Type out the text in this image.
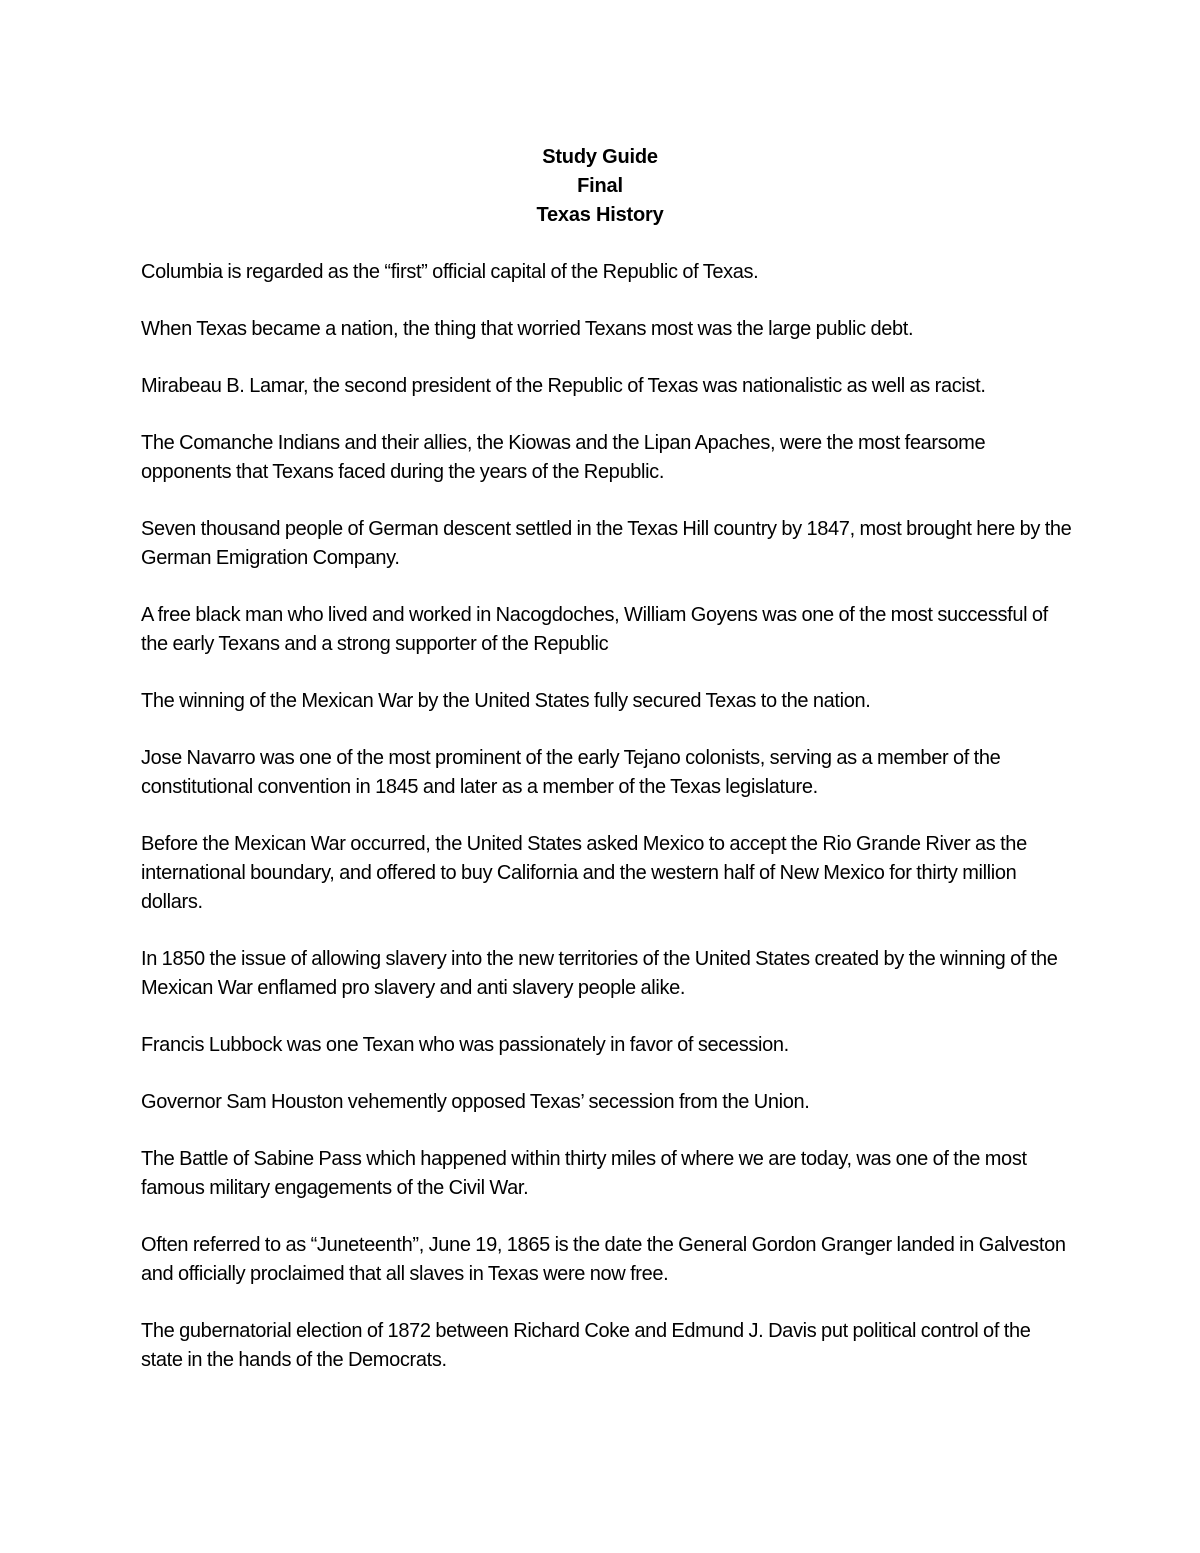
Study Guide
Final
Texas History

Columbia is regarded as the “first” official capital of the Republic of Texas.

When Texas became a nation, the thing that worried Texans most was the large public debt.

Mirabeau B. Lamar, the second president of the Republic of Texas was nationalistic as well as racist.

The Comanche Indians and their allies, the Kiowas and the Lipan Apaches, were the most fearsome opponents that Texans faced during the years of the Republic.

Seven thousand people of German descent settled in the Texas Hill country by 1847, most brought here by the German Emigration Company.

A free black man who lived and worked in Nacogdoches, William Goyens was one of the most successful of the early Texans and a strong supporter of the Republic

The winning of the Mexican War by the United States fully secured Texas to the nation.

Jose Navarro was one of the most prominent of the early Tejano colonists, serving as a member of the constitutional convention in 1845 and later as a member of the Texas legislature.

Before the Mexican War occurred, the United States asked Mexico to accept the Rio Grande River as the international boundary, and offered to buy California and the western half of New Mexico for thirty million dollars.

In 1850 the issue of allowing slavery into the new territories of the United States created by the winning of the Mexican War enflamed pro slavery and anti slavery people alike.

Francis Lubbock was one Texan who was passionately in favor of secession.

Governor Sam Houston vehemently opposed Texas’ secession from the Union.

The Battle of Sabine Pass which happened within thirty miles of where we are today, was one of the most famous military engagements of the Civil War.

Often referred to as “Juneteenth”, June 19, 1865 is the date the General Gordon Granger landed in Galveston and officially proclaimed that all slaves in Texas were now free.

The gubernatorial election of 1872 between Richard Coke and Edmund J. Davis put political control of the state in the hands of the Democrats.
